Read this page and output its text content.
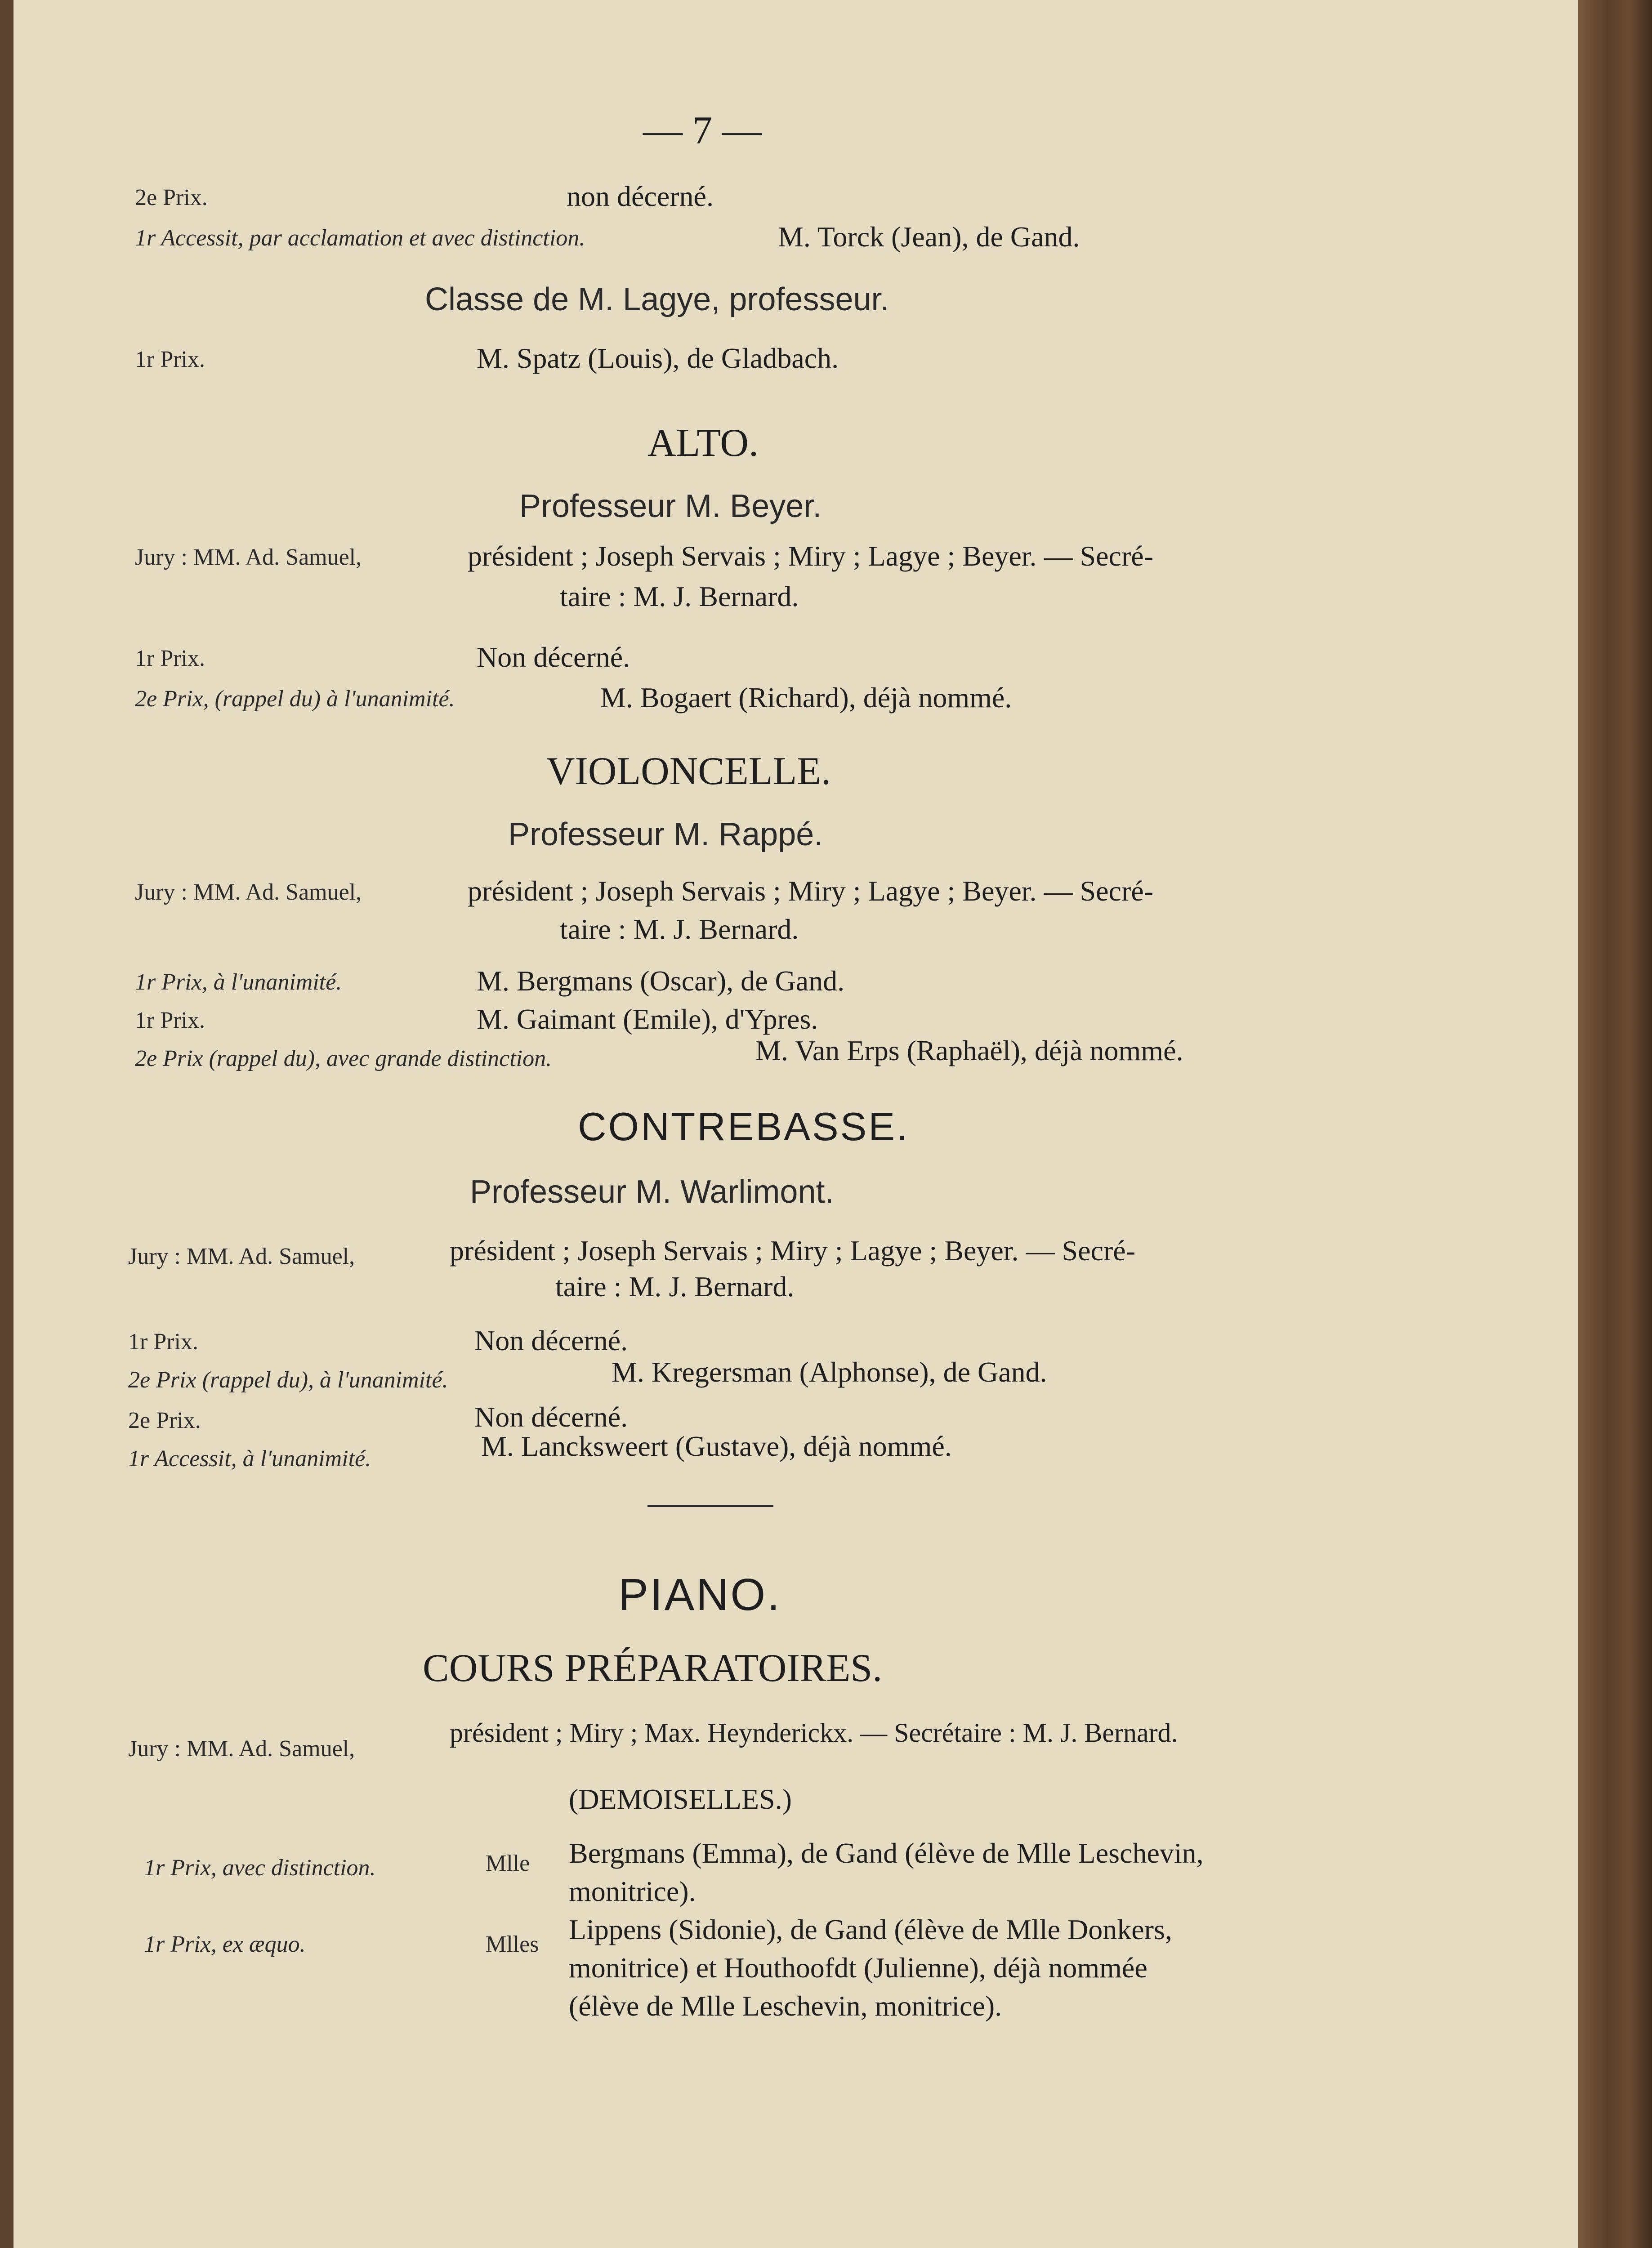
— 7 —
2e Prix.	non décerné.
1r Accessit, par acclamation et avec distinction.	M. Torck (Jean), de Gand.
Classe de M. Lagye, professeur.
1r Prix.	M. Spatz (Louis), de Gladbach.
ALTO.
Professeur M. Beyer.
Jury : MM. Ad. Samuel,	président ; Joseph Servais ; Miry ; Lagye ; Beyer. — Secré-
taire : M. J. Bernard.
1r Prix.	Non décerné.
2e Prix, (rappel du) à l'unanimité.	M. Bogaert (Richard), déjà nommé.
VIOLONCELLE.
Professeur M. Rappé.
Jury : MM. Ad. Samuel,	président ; Joseph Servais ; Miry ; Lagye ; Beyer. — Secré-
taire : M. J. Bernard.
1r Prix, à l'unanimité.	M. Bergmans (Oscar), de Gand.
1r Prix.	M. Gaimant (Emile), d'Ypres.
2e Prix (rappel du), avec grande distinction.	M. Van Erps (Raphaël), déjà nommé.
CONTREBASSE.
Professeur M. Warlimont.
Jury : MM. Ad. Samuel,	président ; Joseph Servais ; Miry ; Lagye ; Beyer. — Secré-
taire : M. J. Bernard.
1r Prix.	Non décerné.
2e Prix (rappel du), à l'unanimité.	M. Kregersman (Alphonse), de Gand.
2e Prix.	Non décerné.
1r Accessit, à l'unanimité.	M. Lancksweert (Gustave), déjà nommé.
PIANO.
COURS PRÉPARATOIRES.
Jury : MM. Ad. Samuel,
président ; Miry ; Max. Heynderickx. — Secrétaire : M. J. Bernard.
(DEMOISELLES.)
1r Prix, avec distinction.	Mlle Bergmans (Emma), de Gand (élève de Mlle Leschevin,
monitrice).
1r Prix, ex æquo.	Mlles Lippens (Sidonie), de Gand (élève de Mlle Donkers,
monitrice) et Houthoofdt (Julienne), déjà nommée
(élève de Mlle Leschevin, monitrice).
